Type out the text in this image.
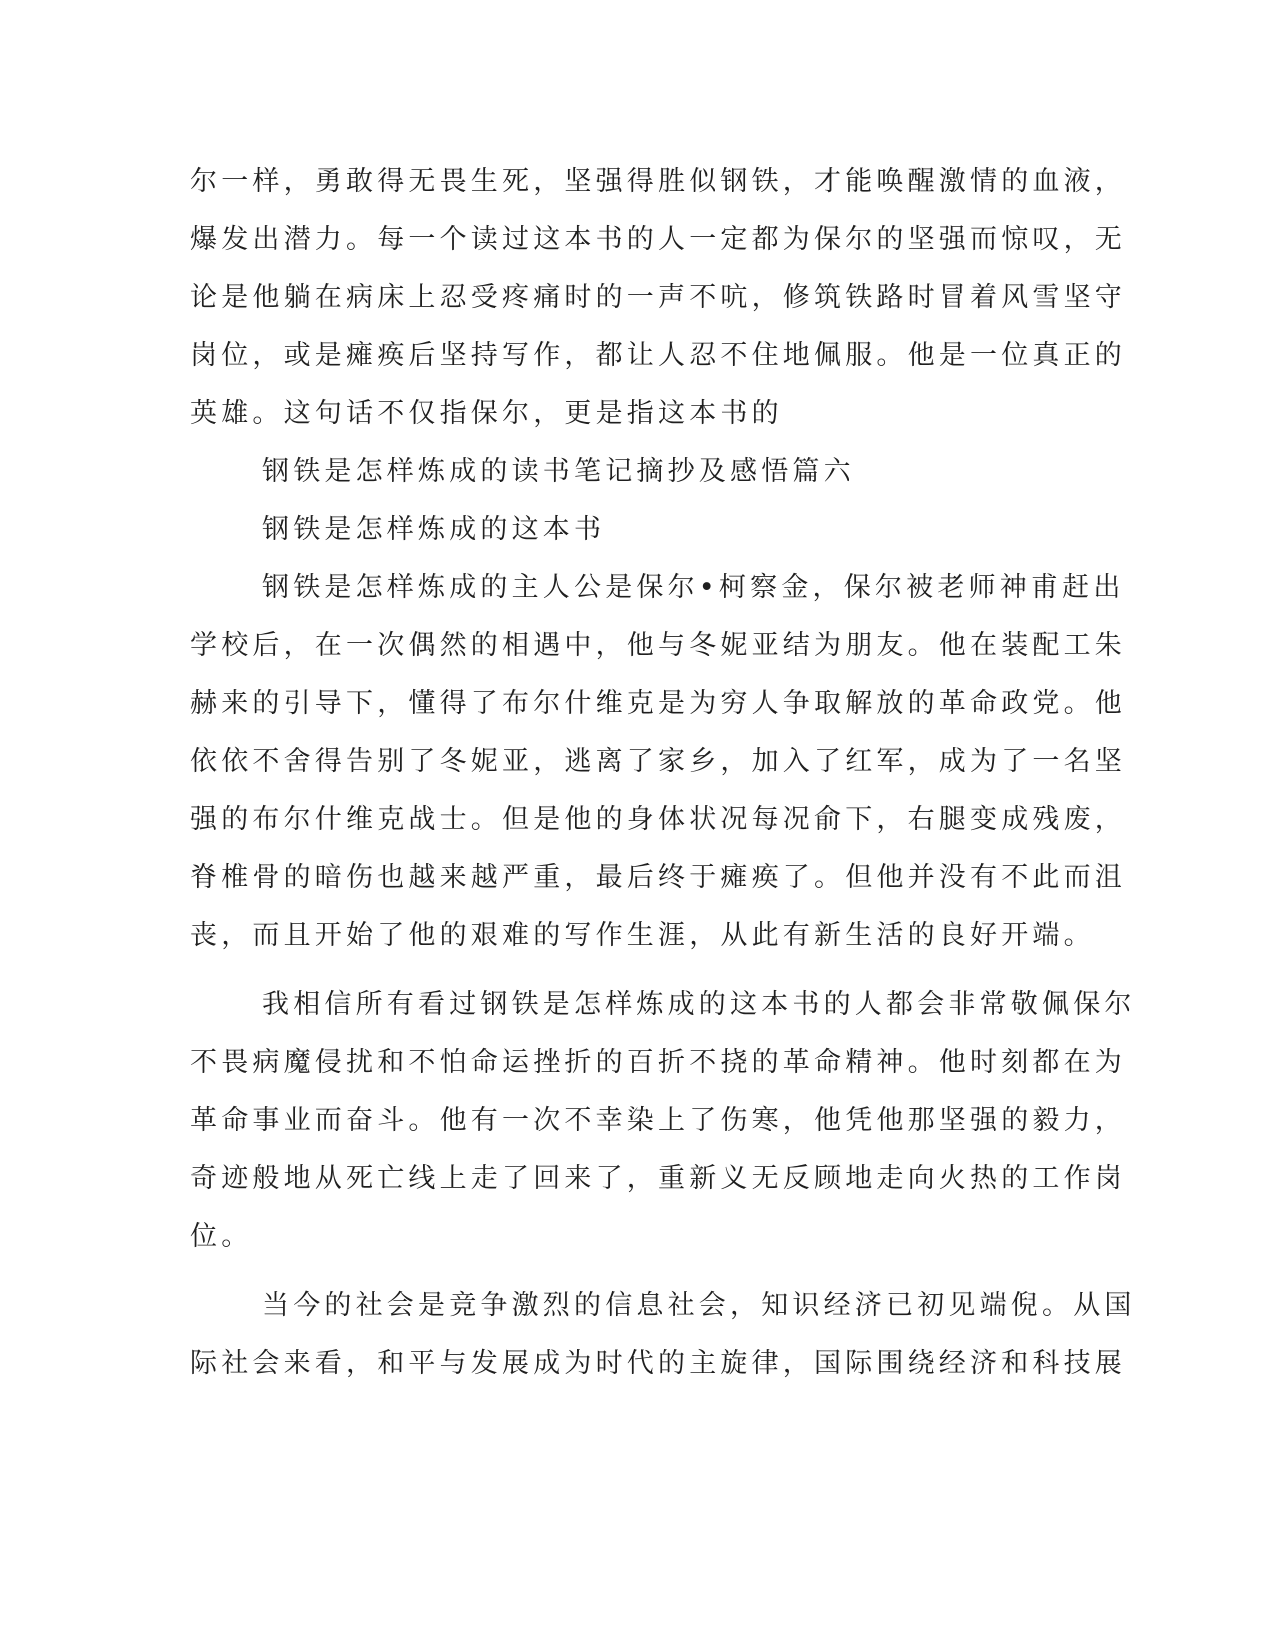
尔一样，勇敢得无畏生死，坚强得胜似钢铁，才能唤醒激情的血液，

爆发出潜力。每一个读过这本书的人一定都为保尔的坚强而惊叹，无

论是他躺在病床上忍受疼痛时的一声不吭，修筑铁路时冒着风雪坚守

岗位，或是瘫痪后坚持写作，都让人忍不住地佩服。他是一位真正的

英雄。这句话不仅指保尔，更是指这本书的

钢铁是怎样炼成的读书笔记摘抄及感悟篇六

钢铁是怎样炼成的这本书

钢铁是怎样炼成的主人公是保尔•柯察金，保尔被老师神甫赶出

学校后，在一次偶然的相遇中，他与冬妮亚结为朋友。他在装配工朱

赫来的引导下，懂得了布尔什维克是为穷人争取解放的革命政党。他

依依不舍得告别了冬妮亚，逃离了家乡，加入了红军，成为了一名坚

强的布尔什维克战士。但是他的身体状况每况俞下，右腿变成残废，

脊椎骨的暗伤也越来越严重，最后终于瘫痪了。但他并没有不此而沮

丧，而且开始了他的艰难的写作生涯，从此有新生活的良好开端。

我相信所有看过钢铁是怎样炼成的这本书的人都会非常敬佩保尔

不畏病魔侵扰和不怕命运挫折的百折不挠的革命精神。他时刻都在为

革命事业而奋斗。他有一次不幸染上了伤寒，他凭他那坚强的毅力，

奇迹般地从死亡线上走了回来了，重新义无反顾地走向火热的工作岗

位。

当今的社会是竞争激烈的信息社会，知识经济已初见端倪。从国

际社会来看，和平与发展成为时代的主旋律，国际围绕经济和科技展
